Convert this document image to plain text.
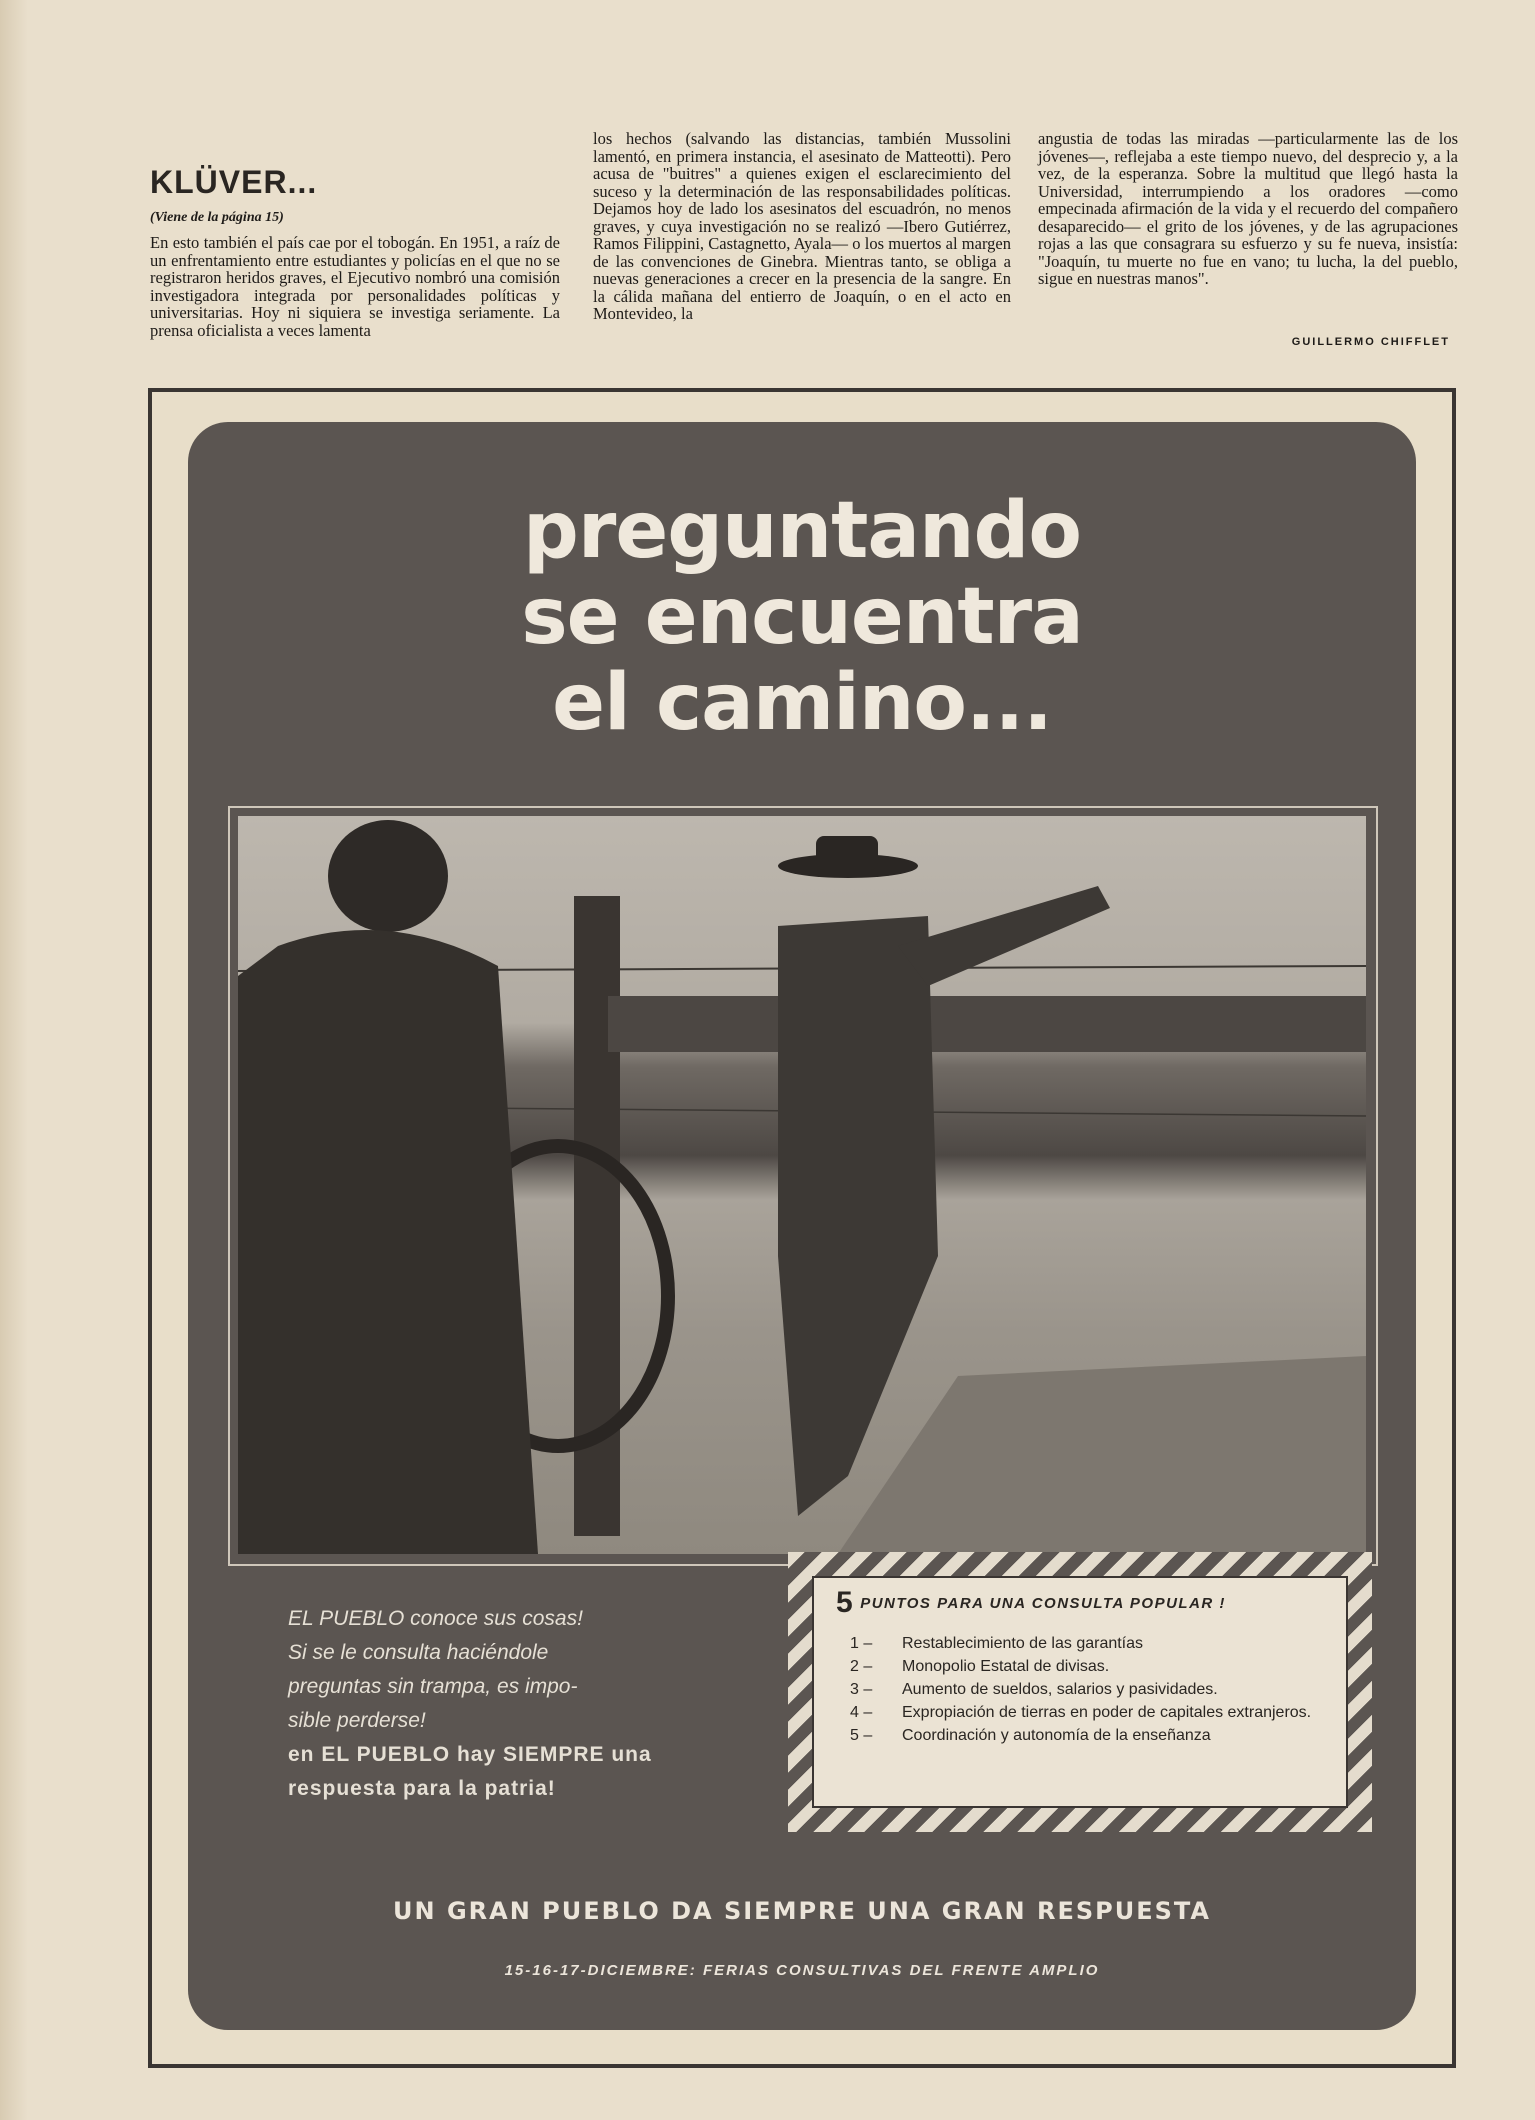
KLÜVER...
(Viene de la página 15)
En esto también el país cae por el tobogán. En 1951, a raíz de un enfrentamiento entre estudiantes y policías en el que no se registraron heridos graves, el Ejecutivo nombró una comisión investigadora integrada por personalidades políticas y universitarias. Hoy ni siquiera se investiga seriamente. La prensa oficialista a veces lamenta
los hechos (salvando las distancias, también Mussolini lamentó, en primera instancia, el asesinato de Matteotti). Pero acusa de "buitres" a quienes exigen el esclarecimiento del suceso y la determinación de las responsabilidades políticas. Dejamos hoy de lado los asesinatos del escuadrón, no menos graves, y cuya investigación no se realizó —Ibero Gutiérrez, Ramos Filippini, Castagnetto, Ayala— o los muertos al margen de las convenciones de Ginebra. Mientras tanto, se obliga a nuevas generaciones a crecer en la presencia de la sangre. En la cálida mañana del entierro de Joaquín, o en el acto en Montevideo, la
angustia de todas las miradas —particularmente las de los jóvenes—, reflejaba a este tiempo nuevo, del desprecio y, a la vez, de la esperanza. Sobre la multitud que llegó hasta la Universidad, interrumpiendo a los oradores —como empecinada afirmación de la vida y el recuerdo del compañero desaparecido— el grito de los jóvenes, y de las agrupaciones rojas a las que consagrara su esfuerzo y su fe nueva, insistía: "Joaquín, tu muerte no fue en vano; tu lucha, la del pueblo, sigue en nuestras manos".
GUILLERMO CHIFFLET
preguntando
se encuentra
el camino...
EL PUEBLO conoce sus cosas!
Si se le consulta haciéndole
preguntas sin trampa, es impo-
sible perderse!
en EL PUEBLO hay SIEMPRE una
respuesta para la patria!
5 PUNTOS PARA UNA CONSULTA POPULAR !
1 –	Restablecimiento de las garantías
2 –	Monopolio Estatal de divisas.
3 –	Aumento de sueldos, salarios y pasividades.
4 –	Expropiación de tierras en poder de capitales extranjeros.
5 –	Coordinación y autonomía de la enseñanza
UN GRAN PUEBLO DA SIEMPRE UNA GRAN RESPUESTA
15-16-17-DICIEMBRE: FERIAS CONSULTIVAS DEL FRENTE AMPLIO
